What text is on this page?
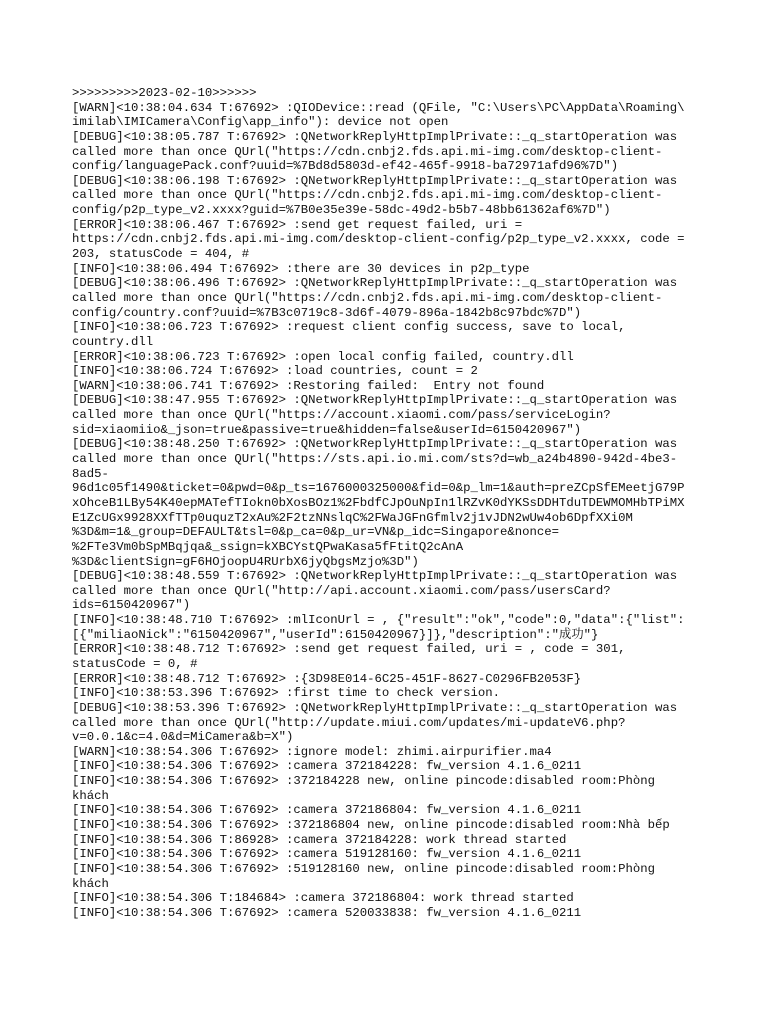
>>>>>>>>>2023-02-10>>>>>>
[WARN]<10:38:04.634 T:67692> :QIODevice::read (QFile, "C:\Users\PC\AppData\Roaming\
imilab\IMICamera\Config\app_info"): device not open
[DEBUG]<10:38:05.787 T:67692> :QNetworkReplyHttpImplPrivate::_q_startOperation was
called more than once QUrl("https://cdn.cnbj2.fds.api.mi-img.com/desktop-client-
config/languagePack.conf?uuid=%7Bd8d5803d-ef42-465f-9918-ba72971afd96%7D")
[DEBUG]<10:38:06.198 T:67692> :QNetworkReplyHttpImplPrivate::_q_startOperation was
called more than once QUrl("https://cdn.cnbj2.fds.api.mi-img.com/desktop-client-
config/p2p_type_v2.xxxx?guid=%7B0e35e39e-58dc-49d2-b5b7-48bb61362af6%7D")
[ERROR]<10:38:06.467 T:67692> :send get request failed, uri =
https://cdn.cnbj2.fds.api.mi-img.com/desktop-client-config/p2p_type_v2.xxxx, code =
203, statusCode = 404, #
[INFO]<10:38:06.494 T:67692> :there are 30 devices in p2p_type
[DEBUG]<10:38:06.496 T:67692> :QNetworkReplyHttpImplPrivate::_q_startOperation was
called more than once QUrl("https://cdn.cnbj2.fds.api.mi-img.com/desktop-client-
config/country.conf?uuid=%7B3c0719c8-3d6f-4079-896a-1842b8c97bdc%7D")
[INFO]<10:38:06.723 T:67692> :request client config success, save to local,
country.dll
[ERROR]<10:38:06.723 T:67692> :open local config failed, country.dll
[INFO]<10:38:06.724 T:67692> :load countries, count = 2
[WARN]<10:38:06.741 T:67692> :Restoring failed:  Entry not found
[DEBUG]<10:38:47.955 T:67692> :QNetworkReplyHttpImplPrivate::_q_startOperation was
called more than once QUrl("https://account.xiaomi.com/pass/serviceLogin?
sid=xiaomiio&_json=true&passive=true&hidden=false&userId=6150420967")
[DEBUG]<10:38:48.250 T:67692> :QNetworkReplyHttpImplPrivate::_q_startOperation was
called more than once QUrl("https://sts.api.io.mi.com/sts?d=wb_a24b4890-942d-4be3-
8ad5-
96d1c05f1490&ticket=0&pwd=0&p_ts=1676000325000&fid=0&p_lm=1&auth=preZCpSfEMeetjG79P
xOhceB1LBy54K40epMATefTIokn0bXosBOz1%2FbdfCJpOuNpIn1lRZvK0dYKSsDDHTduTDEWMOMHbTPiMX
E1ZcUGx9928XXfTTp0uquzT2xAu%2F2tzNNslqC%2FWaJGFnGfmlv2j1vJDN2wUw4ob6DpfXXi0M
%3D&m=1&_group=DEFAULT&tsl=0&p_ca=0&p_ur=VN&p_idc=Singapore&nonce=
%2FTe3Vm0bSpMBqjqa&_ssign=kXBCYstQPwaKasa5fFtitQ2cAnA
%3D&clientSign=gF6HOjoopU4RUrbX6jyQbgsMzjo%3D")
[DEBUG]<10:38:48.559 T:67692> :QNetworkReplyHttpImplPrivate::_q_startOperation was
called more than once QUrl("http://api.account.xiaomi.com/pass/usersCard?
ids=6150420967")
[INFO]<10:38:48.710 T:67692> :mlIconUrl = , {"result":"ok","code":0,"data":{"list":
[{"miliaoNick":"6150420967","userId":6150420967}]},"description":"成功"}
[ERROR]<10:38:48.712 T:67692> :send get request failed, uri = , code = 301,
statusCode = 0, #
[ERROR]<10:38:48.712 T:67692> :{3D98E014-6C25-451F-8627-C0296FB2053F}
[INFO]<10:38:53.396 T:67692> :first time to check version.
[DEBUG]<10:38:53.396 T:67692> :QNetworkReplyHttpImplPrivate::_q_startOperation was
called more than once QUrl("http://update.miui.com/updates/mi-updateV6.php?
v=0.0.1&c=4.0&d=MiCamera&b=X")
[WARN]<10:38:54.306 T:67692> :ignore model: zhimi.airpurifier.ma4
[INFO]<10:38:54.306 T:67692> :camera 372184228: fw_version 4.1.6_0211
[INFO]<10:38:54.306 T:67692> :372184228 new, online pincode:disabled room:Phòng
khách
[INFO]<10:38:54.306 T:67692> :camera 372186804: fw_version 4.1.6_0211
[INFO]<10:38:54.306 T:67692> :372186804 new, online pincode:disabled room:Nhà bếp
[INFO]<10:38:54.306 T:86928> :camera 372184228: work thread started
[INFO]<10:38:54.306 T:67692> :camera 519128160: fw_version 4.1.6_0211
[INFO]<10:38:54.306 T:67692> :519128160 new, online pincode:disabled room:Phòng
khách
[INFO]<10:38:54.306 T:184684> :camera 372186804: work thread started
[INFO]<10:38:54.306 T:67692> :camera 520033838: fw_version 4.1.6_0211
